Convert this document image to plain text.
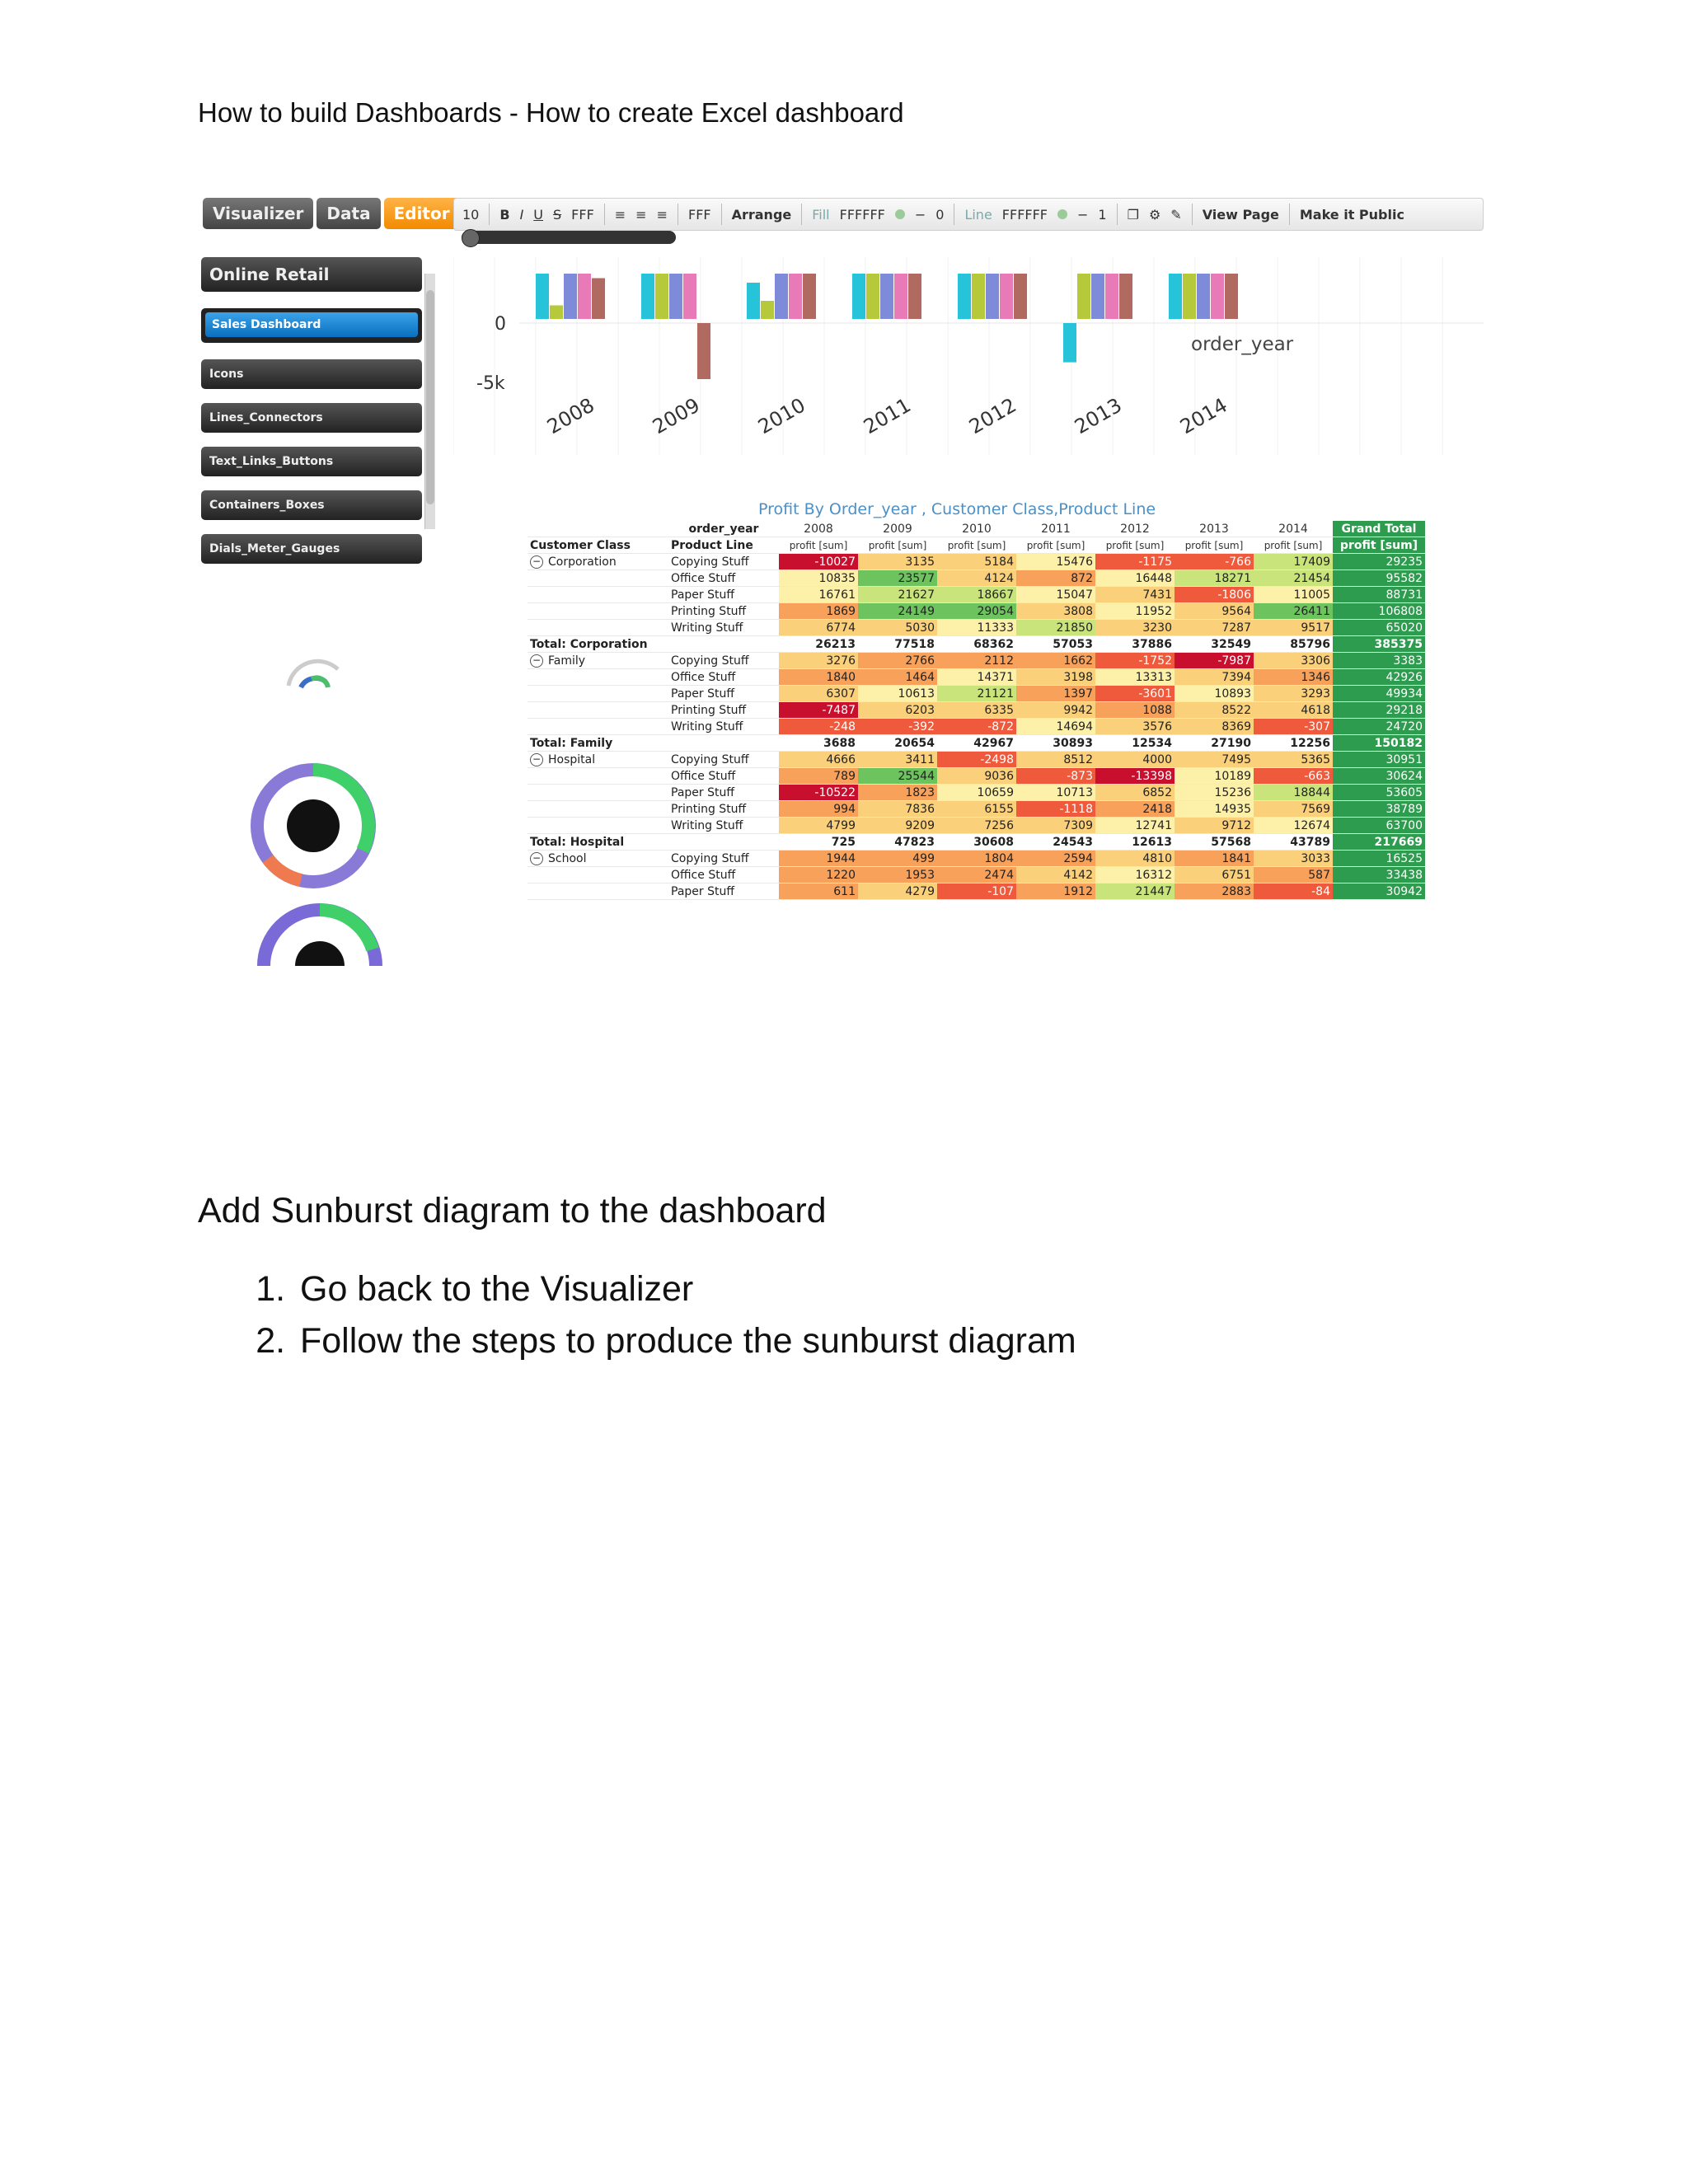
How to build Dashboards - How to create Excel dashboard
Visualizer	Data	Editor 10 B I U S FFF ≡ ≡ ≡ FFF Arrange Fill FFFFFF − 0 Line FFFFFF − 1 ❐ ⚙ ✎ View Page Make it Public
Online Retail
Sales Dashboard
Icons
Lines_Connectors
Text_Links_Buttons
Containers_Boxes
Dials_Meter_Gauges
0
-5k
2008	2009	2010	2011	2012	2013	2014
order_year
Profit By Order_year , Customer Class,Product Line
	order_year	2008	2009	2010	2011	2012	2013	2014	Grand Total
Customer Class	Product Line	profit [sum]	profit [sum]	profit [sum]	profit [sum]	profit [sum]	profit [sum]	profit [sum]	profit [sum]
− Corporation	Copying Stuff	-10027	3135	5184	15476	-1175	-766	17409	29235
	Office Stuff	10835	23577	4124	872	16448	18271	21454	95582
	Paper Stuff	16761	21627	18667	15047	7431	-1806	11005	88731
	Printing Stuff	1869	24149	29054	3808	11952	9564	26411	106808
	Writing Stuff	6774	5030	11333	21850	3230	7287	9517	65020
Total: Corporation		26213	77518	68362	57053	37886	32549	85796	385375
− Family	Copying Stuff	3276	2766	2112	1662	-1752	-7987	3306	3383
	Office Stuff	1840	1464	14371	3198	13313	7394	1346	42926
	Paper Stuff	6307	10613	21121	1397	-3601	10893	3293	49934
	Printing Stuff	-7487	6203	6335	9942	1088	8522	4618	29218
	Writing Stuff	-248	-392	-872	14694	3576	8369	-307	24720
Total: Family		3688	20654	42967	30893	12534	27190	12256	150182
− Hospital	Copying Stuff	4666	3411	-2498	8512	4000	7495	5365	30951
	Office Stuff	789	25544	9036	-873	-13398	10189	-663	30624
	Paper Stuff	-10522	1823	10659	10713	6852	15236	18844	53605
	Printing Stuff	994	7836	6155	-1118	2418	14935	7569	38789
	Writing Stuff	4799	9209	7256	7309	12741	9712	12674	63700
Total: Hospital		725	47823	30608	24543	12613	57568	43789	217669
− School	Copying Stuff	1944	499	1804	2594	4810	1841	3033	16525
	Office Stuff	1220	1953	2474	4142	16312	6751	587	33438
	Paper Stuff	611	4279	-107	1912	21447	2883	-84	30942
Add Sunburst diagram to the dashboard
1. Go back to the Visualizer
2. Follow the steps to produce the sunburst diagram
